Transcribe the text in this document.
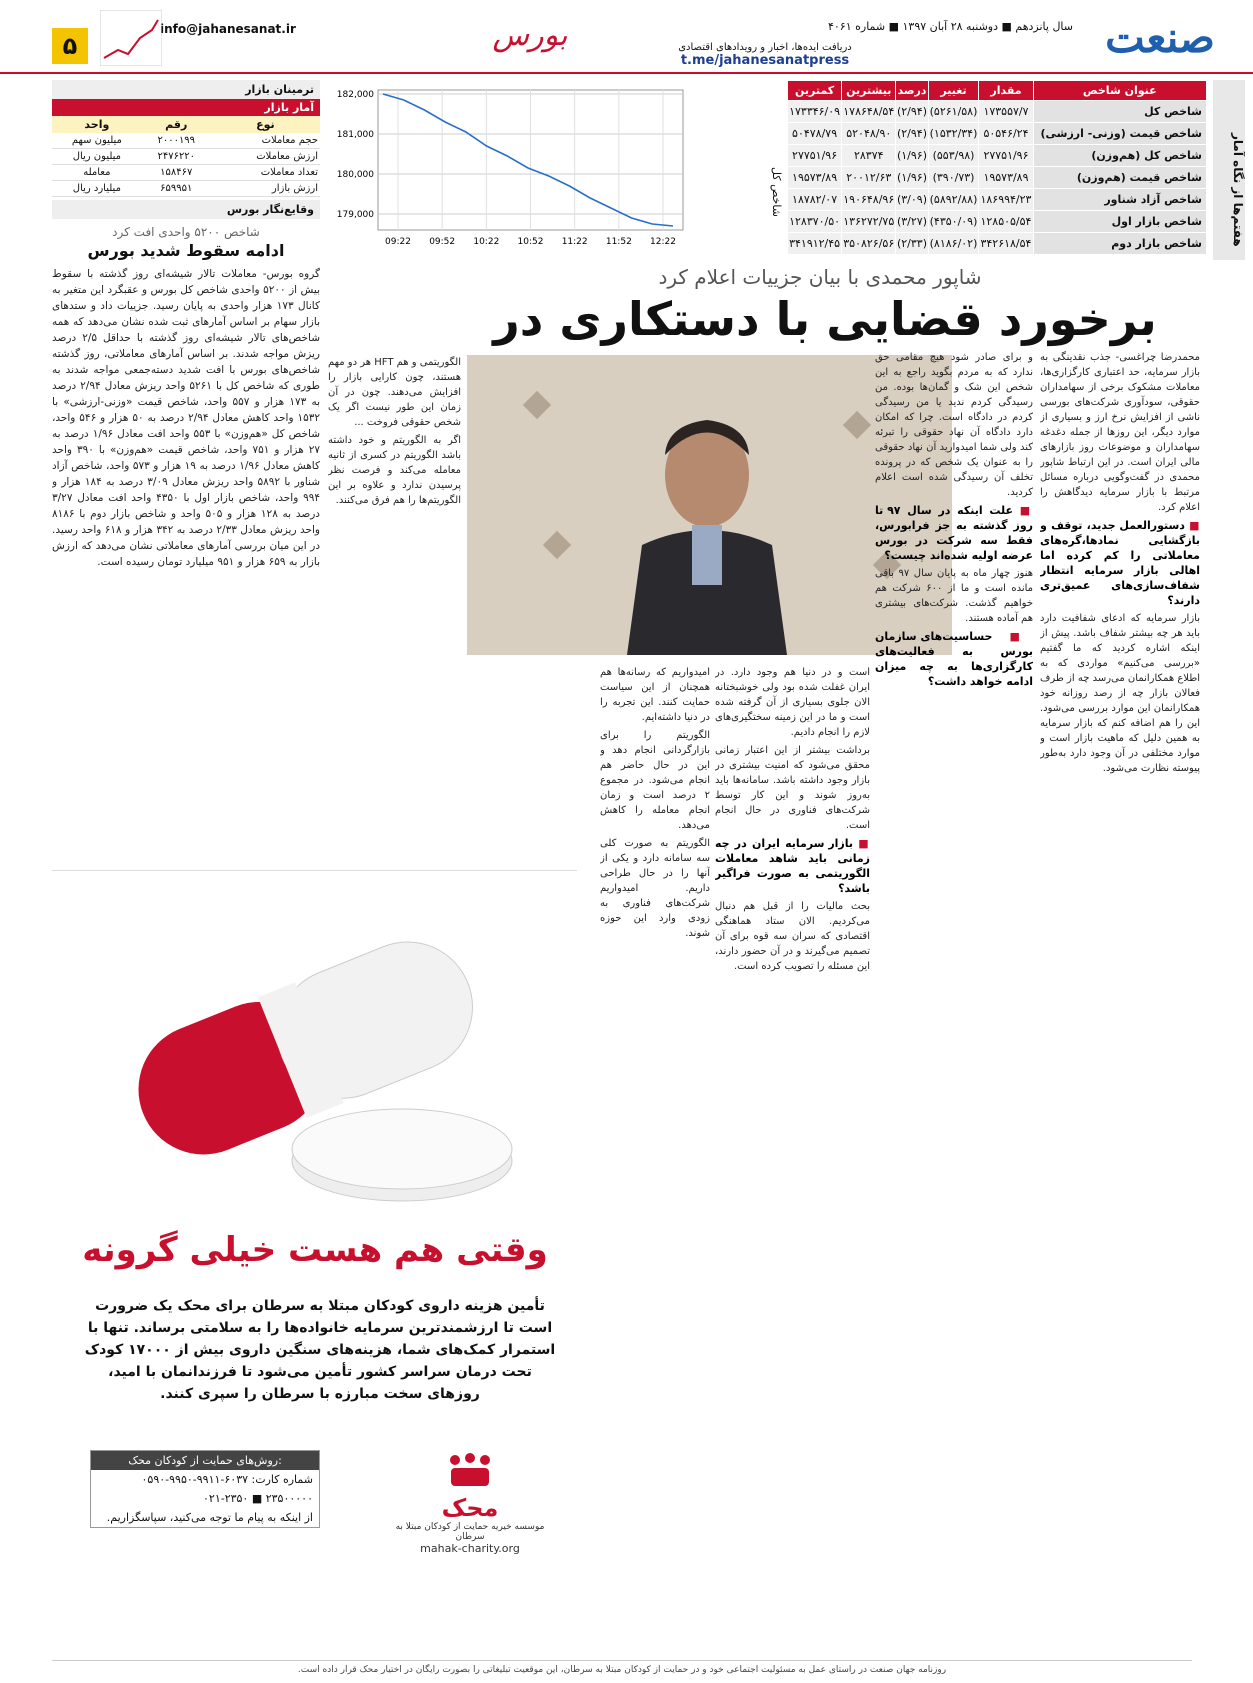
صنعت
سال پانزدهم ■ دوشنبه ۲۸ آبان ۱۳۹۷ ■ شماره ۴۰۶۱
بورس	دریافت ایده‌ها، اخبار و رویدادهای اقتصادی
t.me/jahanesanatpress
info@jahanesanat.ir
۵
هفتم‌ها از نگاه آمار
عنوان شاخص	مقدار	تغییر	درصد	بیشترین	کمترین
شاخص کل	۱۷۳۵۵۷/۷	(۵۲۶۱/۵۸)	(۲/۹۴)	۱۷۸۶۴۸/۵۴	۱۷۳۳۴۶/۰۹
شاخص قیمت (وزنی- ارزشی)	۵۰۵۴۶/۲۴	(۱۵۳۲/۳۴)	(۲/۹۴)	۵۲۰۴۸/۹۰	۵۰۴۷۸/۷۹
شاخص کل (هم‌وزن)	۲۷۷۵۱/۹۶	(۵۵۳/۹۸)	(۱/۹۶)	۲۸۳۷۴	۲۷۷۵۱/۹۶
شاخص قیمت (هم‌وزن)	۱۹۵۷۳/۸۹	(۳۹۰/۷۳)	(۱/۹۶)	۲۰۰۱۲/۶۳	۱۹۵۷۳/۸۹
شاخص آزاد شناور	۱۸۶۹۹۴/۲۳	(۵۸۹۲/۸۸)	(۳/۰۹)	۱۹۰۶۴۸/۹۶	۱۸۷۸۲/۰۷
شاخص بازار اول	۱۲۸۵۰۵/۵۴	(۴۳۵۰/۰۹)	(۳/۲۷)	۱۳۶۲۷۲/۷۵	۱۲۸۳۷۰/۵۰
شاخص بازار دوم	۳۴۲۶۱۸/۵۴	(۸۱۸۶/۰۲)	(۲/۳۳)	۳۵۰۸۲۶/۵۶	۳۴۱۹۱۲/۴۵
شاخص کل
182,000
181,000
180,000
179,000
09:22 09:52 10:22 10:52 11:22 11:52 12:22
شاپور محمدی با بیان جزییات اعلام کرد
برخورد قضایی با دستکاری در

محمدرضا چراغسی- جذب نقدینگی به بازار سرمایه، حد اعتباری کارگزاری‌ها، معاملات مشکوک برخی از سهامداران حقوقی، سودآوری شرکت‌های بورسی ناشی از افزایش نرخ ارز و بسیاری از موارد دیگر، این روزها از جمله دغدغه سهامداران و موضوعات روز بازارهای مالی ایران است. در این ارتباط شاپور محمدی در گفت‌وگویی درباره مسائل مرتبط با بازار سرمایه دیدگاهش را اعلام کرد.

■ دستورالعمل جدید، توقف و بازگشایی نمادها،گره‌های معاملاتی را کم کرده اما اهالی بازار سرمایه انتظار شفاف‌سازی‌های عمیق‌تری دارند؟

بازار سرمایه که ادعای شفافیت دارد باید هر چه بیشتر شفاف باشد. پیش از اینکه اشاره کردید که ما گفتیم «بررسی می‌کنیم» مواردی که به اطلاع همکارانمان می‌رسد چه از طرف فعالان بازار چه از رصد روزانه خود همکارانمان این موارد بررسی می‌شود. این را هم اضافه کنم که بازار سرمایه به همین دلیل که ماهیت بازار است و موارد مختلفی در آن وجود دارد به‌طور پیوسته نظارت می‌شود.

و برای صادر شود هیچ مقامی حق ندارد که به مردم بگوید راجع به این شخص این شک و گمان‌ها بوده. من رسیدگی کردم ندید یا من رسیدگی کردم در دادگاه است. چرا که امکان دارد دادگاه آن نهاد حقوقی را تبرئه کند ولی شما امیدوارید آن نهاد حقوقی را به عنوان یک شخص که در پرونده تخلف آن رسیدگی شده است اعلام کردید.

■ علت اینکه در سال ۹۷ تا روز گذشته به جز فرابورس، فقط سه شرکت در بورس عرضه اولیه شده‌اند چیست؟

هنوز چهار ماه به پایان سال ۹۷ باقی مانده است و ما از ۶۰۰ شرکت هم خواهیم گذشت. شرکت‌های بیشتری هم آماده هستند.

■ حساسیت‌های سازمان بورس به فعالیت‌های کارگزاری‌ها به چه میزان ادامه خواهد داشت؟

است و در دنیا هم وجود دارد. در ایران غفلت شده بود ولی خوشبختانه الان جلوی بسیاری از آن گرفته شده است و ما در این زمینه سختگیری‌های لازم را انجام دادیم.

برداشت بیشتر از این اعتبار زمانی محقق می‌شود که امنیت بیشتری در بازار وجود داشته باشد. سامانه‌ها باید به‌روز شوند و این کار توسط شرکت‌های فناوری در حال انجام است.

■ بازار سرمایه ایران در چه زمانی باید شاهد معاملات الگوریتمی به صورت فراگیر باشد؟

بحث مالیات را از قبل هم دنبال می‌کردیم. الان ستاد هماهنگی اقتصادی که سران سه قوه برای آن تصمیم می‌گیرند و در آن حضور دارند، این مسئله را تصویب کرده است.

امیدواریم که رسانه‌ها هم همچنان از این سیاست حمایت کنند. این تجربه را در دنیا داشته‌ایم.

الگوریتم را برای بازارگردانی انجام دهد و این در حال حاضر هم انجام می‌شود. در مجموع ۲ درصد است و زمان انجام معامله را کاهش می‌دهد.

الگوریتم به صورت کلی سه سامانه دارد و یکی از آنها را در حال طراحی داریم. امیدواریم شرکت‌های فناوری به زودی وارد این حوزه شوند.

الگوریتمی و هم HFT هر دو مهم هستند، چون کارایی بازار را افزایش می‌دهند. چون در آن زمان این طور نیست اگر یک شخص حقوقی فروخت ...

اگر به الگوریتم و خود داشته باشد الگوریتم در کسری از ثانیه معامله می‌کند و فرصت نظر پرسیدن ندارد و علاوه بر این الگوریتم‌ها را هم فرق می‌کنند.

ترمینان بازار
آمار بازار
نوع	رقم	واحد
حجم معاملات	۲۰۰۰۱۹۹	میلیون سهم
ارزش معاملات	۲۴۷۶۲۲۰	میلیون ریال
تعداد معاملات	۱۵۸۴۶۷	معامله
ارزش بازار	۶۵۹۹۵۱	میلیارد ریال
وقایع‌نگار بورس
شاخص ۵۲۰۰ واحدی افت کرد
ادامه سقوط شدید بورس
گروه بورس- معاملات تالار شیشه‌ای روز گذشته با سقوط بیش از ۵۲۰۰ واحدی شاخص کل بورس و عقبگرد این متغیر به کانال ۱۷۳ هزار واحدی به پایان رسید. جزییات داد و ستدهای بازار سهام بر اساس آمارهای ثبت شده نشان می‌دهد که همه شاخص‌های تالار شیشه‌ای روز گذشته با حداقل ۲/۵ درصد ریزش مواجه شدند. بر اساس آمارهای معاملاتی، روز گذشته شاخص‌های بورس با افت شدید دسته‌جمعی مواجه شدند به طوری که شاخص کل با ۵۲۶۱ واحد ریزش معادل ۲/۹۴ درصد به ۱۷۳ هزار و ۵۵۷ واحد، شاخص قیمت «وزنی-ارزشی» با ۱۵۳۲ واحد کاهش معادل ۲/۹۴ درصد به ۵۰ هزار و ۵۴۶ واحد، شاخص کل «هم‌وزن» با ۵۵۳ واحد افت معادل ۱/۹۶ درصد به ۲۷ هزار و ۷۵۱ واحد، شاخص قیمت «هم‌وزن» با ۳۹۰ واحد کاهش معادل ۱/۹۶ درصد به ۱۹ هزار و ۵۷۳ واحد، شاخص آزاد شناور با ۵۸۹۲ واحد ریزش معادل ۳/۰۹ درصد به ۱۸۴ هزار و ۹۹۴ واحد، شاخص بازار اول با ۴۳۵۰ واحد افت معادل ۳/۲۷ درصد به ۱۲۸ هزار و ۵۰۵ واحد و شاخص بازار دوم با ۸۱۸۶ واحد ریزش معادل ۲/۳۳ درصد به ۳۴۲ هزار و ۶۱۸ واحد رسید. در این میان بررسی آمارهای معاملاتی نشان می‌دهد که ارزش بازار به ۶۵۹ هزار و ۹۵۱ میلیارد تومان رسیده است.
وقتی هم هست خیلی گرونه
تأمین هزینه داروی کودکان مبتلا به سرطان برای محک یک ضرورت است تا ارزشمندترین سرمایه خانواده‌ها را به سلامتی برساند. تنها با استمرار کمک‌های شما، هزینه‌های سنگین داروی بیش از ۱۷۰۰۰ کودک تحت درمان سراسر کشور تأمین می‌شود تا فرزندانمان با امید، روزهای سخت مبارزه با سرطان را سپری کنند.
روش‌های حمایت از کودکان محک:
شماره کارت: ۶۰۳۷-۹۹۱۱-۹۹۵۰-۰۵۹۰
۰۲۱-۲۳۵۰ ■ ۲۳۵۰۰۰۰۰
از اینکه به پیام ما توجه می‌کنید، سپاسگزاریم.	محک
موسسه خیریه حمایت از کودکان مبتلا به سرطان
mahak-charity.org
روزنامه جهان صنعت در راستای عمل به مسئولیت اجتماعی خود و در حمایت از کودکان مبتلا به سرطان، این موقعیت تبلیغاتی را بصورت رایگان در اختیار محک قرار داده است.
